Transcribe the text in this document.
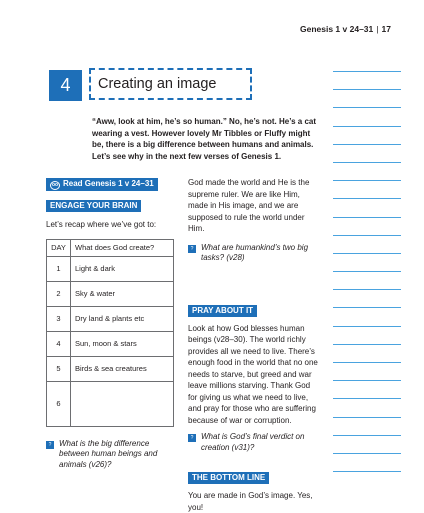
Genesis 1 v 24–31 | 17
4	Creating an image
“Aww, look at him, he’s so human.” No, he’s not. He’s a cat wearing a vest. However lovely Mr Tibbles or Fluffy might be, there is a big difference between humans and animals. Let’s see why in the next few verses of Genesis 1.
oo Read Genesis 1 v 24–31
ENGAGE YOUR BRAIN
Let’s recap where we’ve got to:
DAY	What does God create?
1	Light & dark
2	Sky & water
3	Dry land & plants etc
4	Sun, moon & stars
5	Birds & sea creatures
6	
? What is the big difference between human beings and animals (v26)?
God made the world and He is the supreme ruler. We are like Him, made in His image, and we are supposed to rule the world under Him.
? What are humankind’s two big tasks? (v28)
PRAY ABOUT IT
Look at how God blesses human beings (v28–30). The world richly provides all we need to live. There’s enough food in the world that no one needs to starve, but greed and war leave millions starving. Thank God for giving us what we need to live, and pray for those who are suffering because of war or corruption.
? What is God’s final verdict on creation (v31)?
THE BOTTOM LINE
You are made in God’s image. Yes, you!
